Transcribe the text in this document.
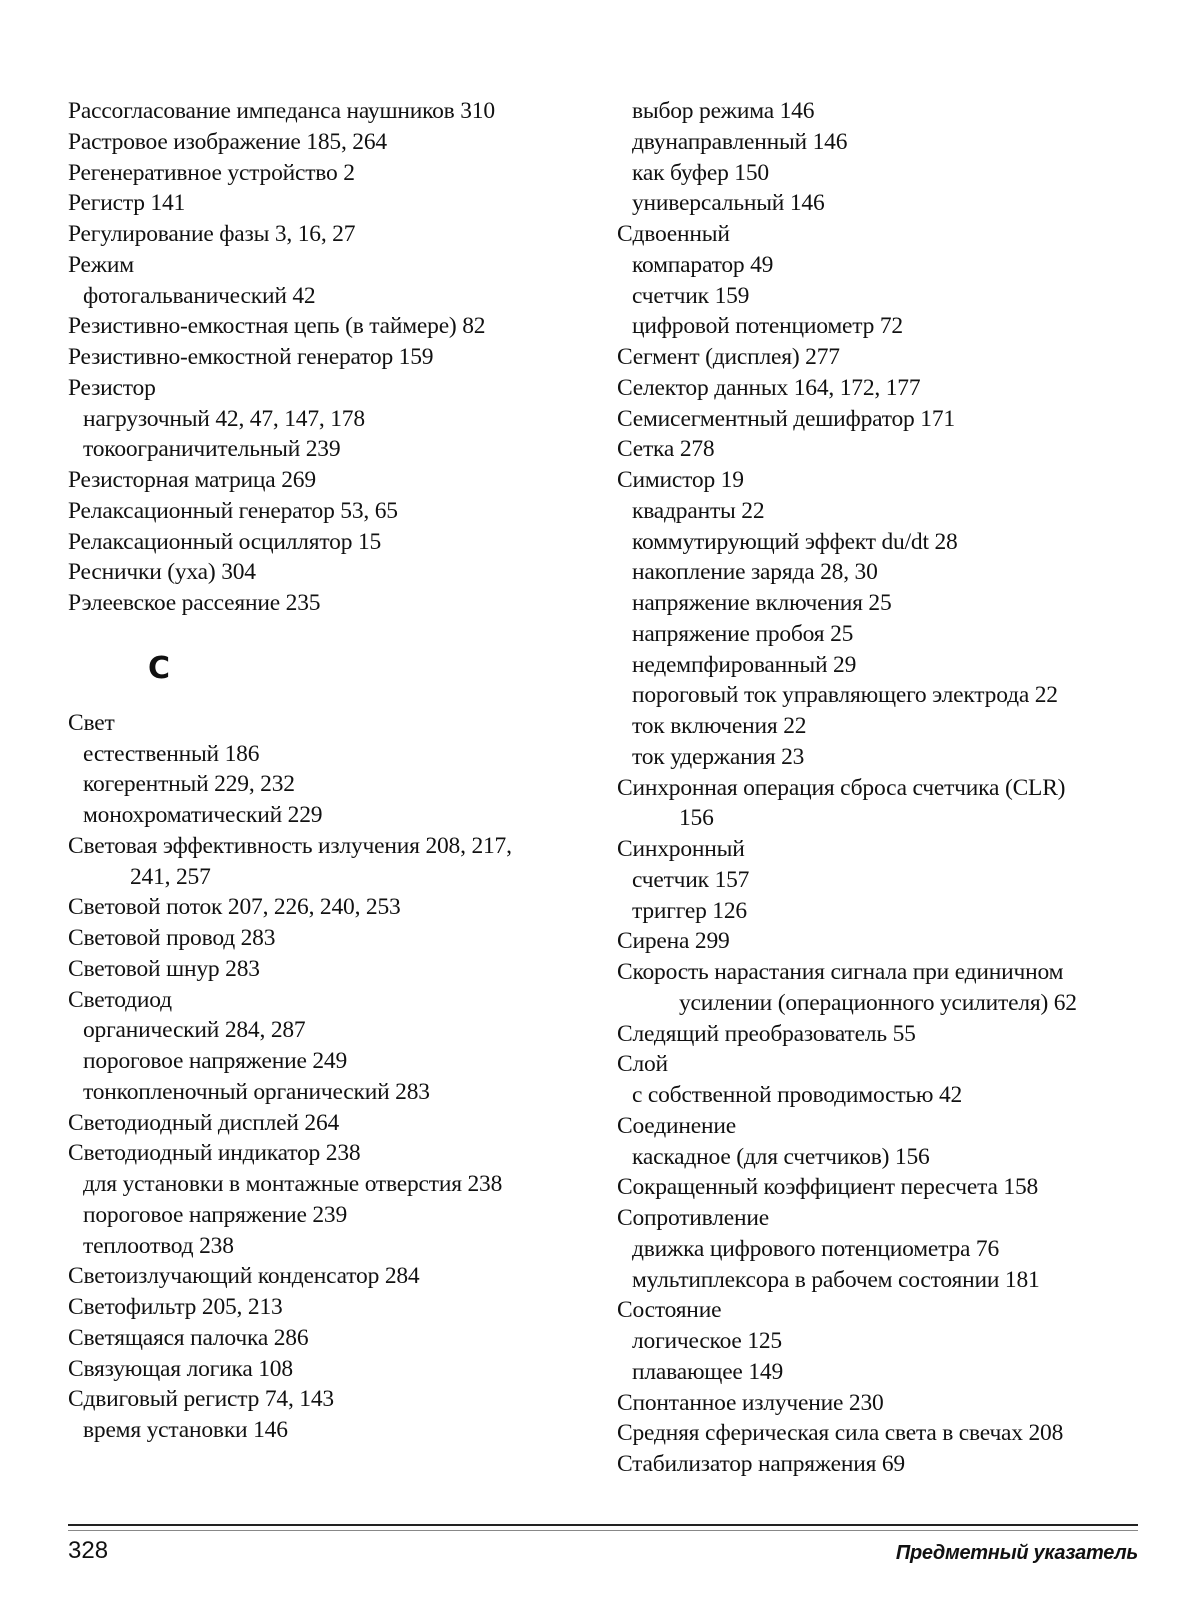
Рассогласование импеданса наушников 310
Растровое изображение 185, 264
Регенеративное устройство 2
Регистр 141
Регулирование фазы 3, 16, 27
Режим
фотогальванический 42
Резистивно-емкостная цепь (в таймере) 82
Резистивно-емкостной генератор 159
Резистор
нагрузочный 42, 47, 147, 178
токоограничительный 239
Резисторная матрица 269
Релаксационный генератор 53, 65
Релаксационный осциллятор 15
Реснички (уха) 304
Рэлеевское рассеяние 235
С
Свет
естественный 186
когерентный 229, 232
монохроматический 229
Световая эффективность излучения 208, 217,
241, 257
Световой поток 207, 226, 240, 253
Световой провод 283
Световой шнур 283
Светодиод
органический 284, 287
пороговое напряжение 249
тонкопленочный органический 283
Светодиодный дисплей 264
Светодиодный индикатор 238
для установки в монтажные отверстия 238
пороговое напряжение 239
теплоотвод 238
Светоизлучающий конденсатор 284
Светофильтр 205, 213
Светящаяся палочка 286
Связующая логика 108
Сдвиговый регистр 74, 143
время установки 146
выбор режима 146
двунаправленный 146
как буфер 150
универсальный 146
Сдвоенный
компаратор 49
счетчик 159
цифровой потенциометр 72
Сегмент (дисплея) 277
Селектор данных 164, 172, 177
Семисегментный дешифратор 171
Сетка 278
Симистор 19
квадранты 22
коммутирующий эффект du/dt 28
накопление заряда 28, 30
напряжение включения 25
напряжение пробоя 25
недемпфированный 29
пороговый ток управляющего электрода 22
ток включения 22
ток удержания 23
Синхронная операция сброса счетчика (CLR)
156
Синхронный
счетчик 157
триггер 126
Сирена 299
Скорость нарастания сигнала при единичном
усилении (операционного усилителя) 62
Следящий преобразователь 55
Слой
с собственной проводимостью 42
Соединение
каскадное (для счетчиков) 156
Сокращенный коэффициент пересчета 158
Сопротивление
движка цифрового потенциометра 76
мультиплексора в рабочем состоянии 181
Состояние
логическое 125
плавающее 149
Спонтанное излучение 230
Средняя сферическая сила света в свечах 208
Стабилизатор напряжения 69
328	Предметный указатель
